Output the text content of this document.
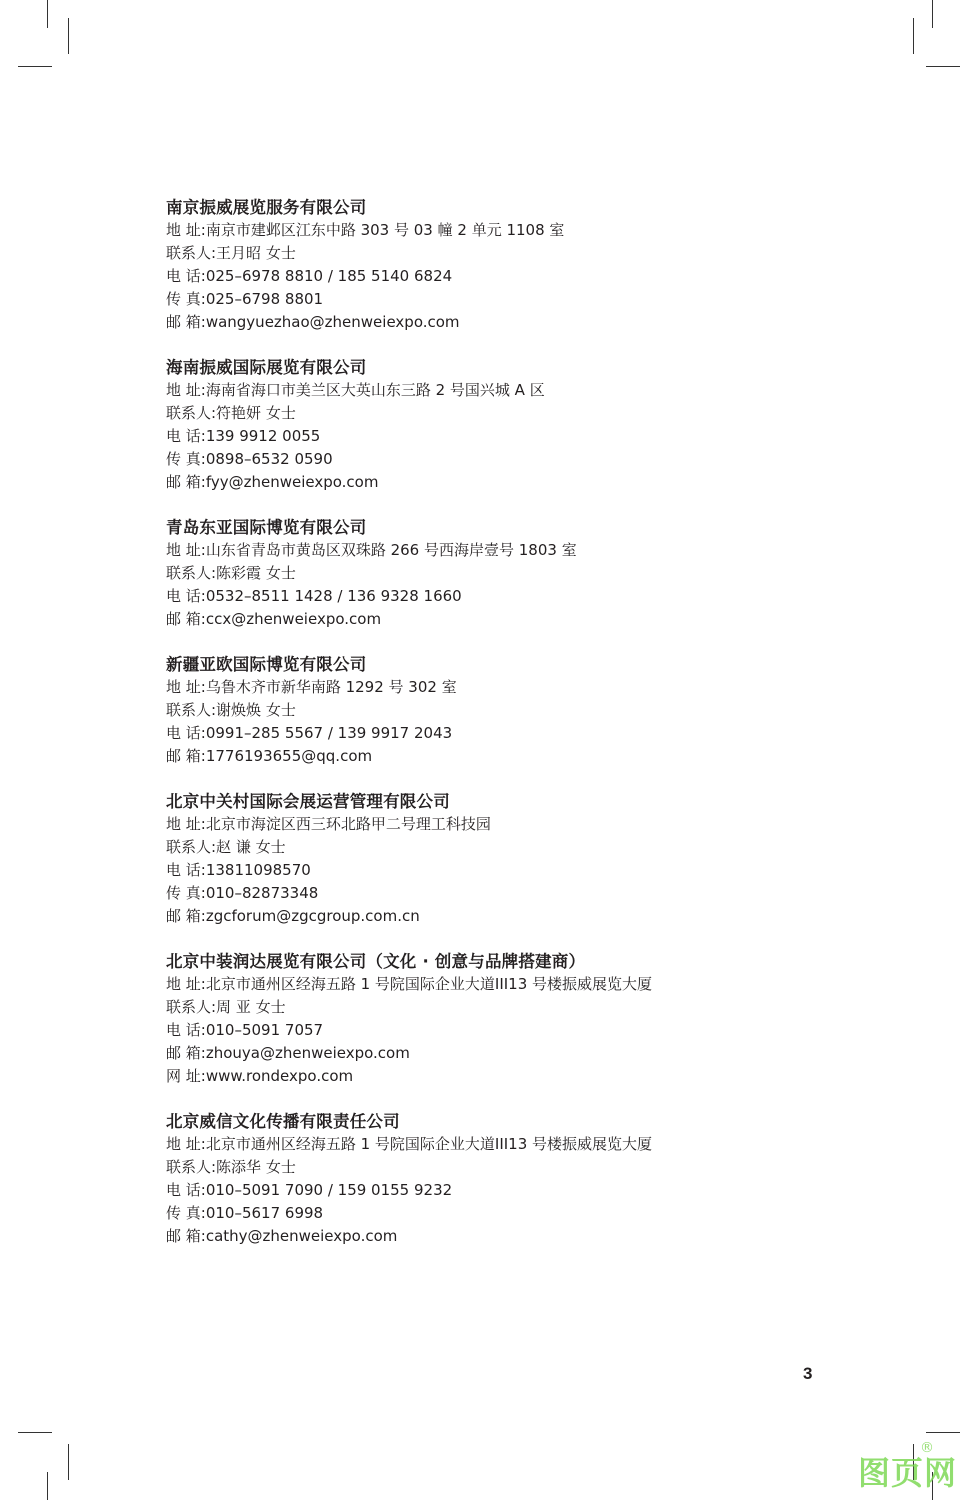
南京振威展览服务有限公司
地 址:南京市建邺区江东中路 303 号 03 幢 2 单元 1108 室
联系人:王月昭 女士
电 话:025–6978 8810 / 185 5140 6824
传 真:025–6798 8801
邮 箱:wangyuezhao@zhenweiexpo.com
海南振威国际展览有限公司
地 址:海南省海口市美兰区大英山东三路 2 号国兴城 A 区
联系人:符艳妍 女士
电 话:139 9912 0055
传 真:0898–6532 0590
邮 箱:fyy@zhenweiexpo.com
青岛东亚国际博览有限公司
地 址:山东省青岛市黄岛区双珠路 266 号西海岸壹号 1803 室
联系人:陈彩霞 女士
电 话:0532–8511 1428 / 136 9328 1660
邮 箱:ccx@zhenweiexpo.com
新疆亚欧国际博览有限公司
地 址:乌鲁木齐市新华南路 1292 号 302 室
联系人:谢焕焕 女士
电 话:0991–285 5567 / 139 9917 2043
邮 箱:1776193655@qq.com
北京中关村国际会展运营管理有限公司
地 址:北京市海淀区西三环北路甲二号理工科技园
联系人:赵 谦 女士
电 话:13811098570
传 真:010–82873348
邮 箱:zgcforum@zgcgroup.com.cn
北京中装润达展览有限公司（文化 · 创意与品牌搭建商）
地 址:北京市通州区经海五路 1 号院国际企业大道III13 号楼振威展览大厦
联系人:周 亚 女士
电 话:010–5091 7057
邮 箱:zhouya@zhenweiexpo.com
网 址:www.rondexpo.com
北京威信文化传播有限责任公司
地 址:北京市通州区经海五路 1 号院国际企业大道III13 号楼振威展览大厦
联系人:陈添华 女士
电 话:010–5091 7090 / 159 0155 9232
传 真:010–5617 6998
邮 箱:cathy@zhenweiexpo.com
3
图页网
®
